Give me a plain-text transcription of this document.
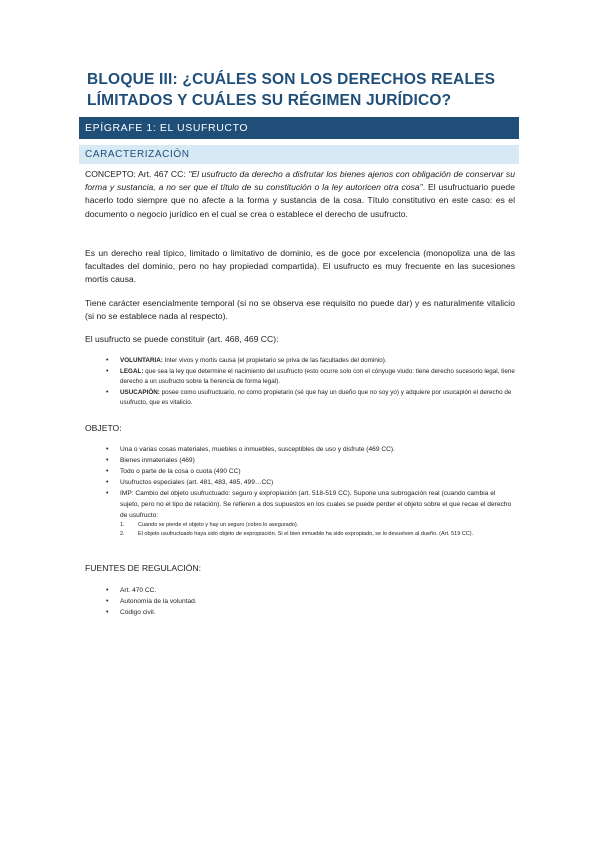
BLOQUE III: ¿CUÁLES SON LOS DERECHOS REALES
LÍMITADOS Y CUÁLES SU RÉGIMEN JURÍDICO?
EPÍGRAFE 1: EL USUFRUCTO
CARACTERIZACIÓN
CONCEPTO: Art. 467 CC: "El usufructo da derecho a disfrutar los bienes ajenos con obligación de conservar su forma y sustancia, a no ser que el título de su constitución o la ley autoricen otra cosa". El usufructuario puede hacerlo todo siempre que no afecte a la forma y sustancia de la cosa. Título constitutivo en este caso: es el documento o negocio jurídico en el cual se crea o establece el derecho de usufructo.
Es un derecho real típico, limitado o limitativo de dominio, es de goce por excelencia (monopoliza una de las facultades del dominio, pero no hay propiedad compartida). El usufructo es muy frecuente en las sucesiones mortis causa.
Tiene carácter esencialmente temporal (si no se observa ese requisito no puede dar) y es naturalmente vitalicio (si no se establece nada al respecto).
El usufructo se puede constituir (art. 468, 469 CC):
• VOLUNTARIA: Inter vivos y mortis causa (el propietario se priva de las facultades del dominio).
• LEGAL: que sea la ley que determine el nacimiento del usufructo (esto ocurre solo con el cónyuge viudo: tiene derecho sucesorio legal, tiene derecho a un usufructo sobre la herencia de forma legal).
• USUCAPIÓN: posee como usufructuario, no como propietario (sé que hay un dueño que no soy yo) y adquiere por usucapión el derecho de usufructo, que es vitalicio.
OBJETO:
• Una o varias cosas materiales, muebles o inmuebles, susceptibles de uso y disfrute (469 CC).
• Bienes inmateriales (469)
• Todo o parte de la cosa o cuota (490 CC)
• Usufructos especiales (art. 481, 483, 485, 499…CC)
• IMP: Cambio del objeto usufructuado: seguro y expropiación (art. 518-519 CC). Supone una subrogación real (cuando cambia el sujeto, pero no el tipo de relación). Se refieren a dos supuestos en los cuales se puede perder el objeto sobre el que recae el derecho de usufructo:
1. Cuando se pierde el objeto y hay un seguro (cobro lo asegurado).
2. El objeto usufructuado haya sido objeto de expropiación. Si el bien inmueble ha sido expropiado, se lo devuelven al dueño. (Art. 519 CC).
FUENTES DE REGULACIÓN:
• Art. 470 CC.
• Autonomía de la voluntad.
• Código civil.
